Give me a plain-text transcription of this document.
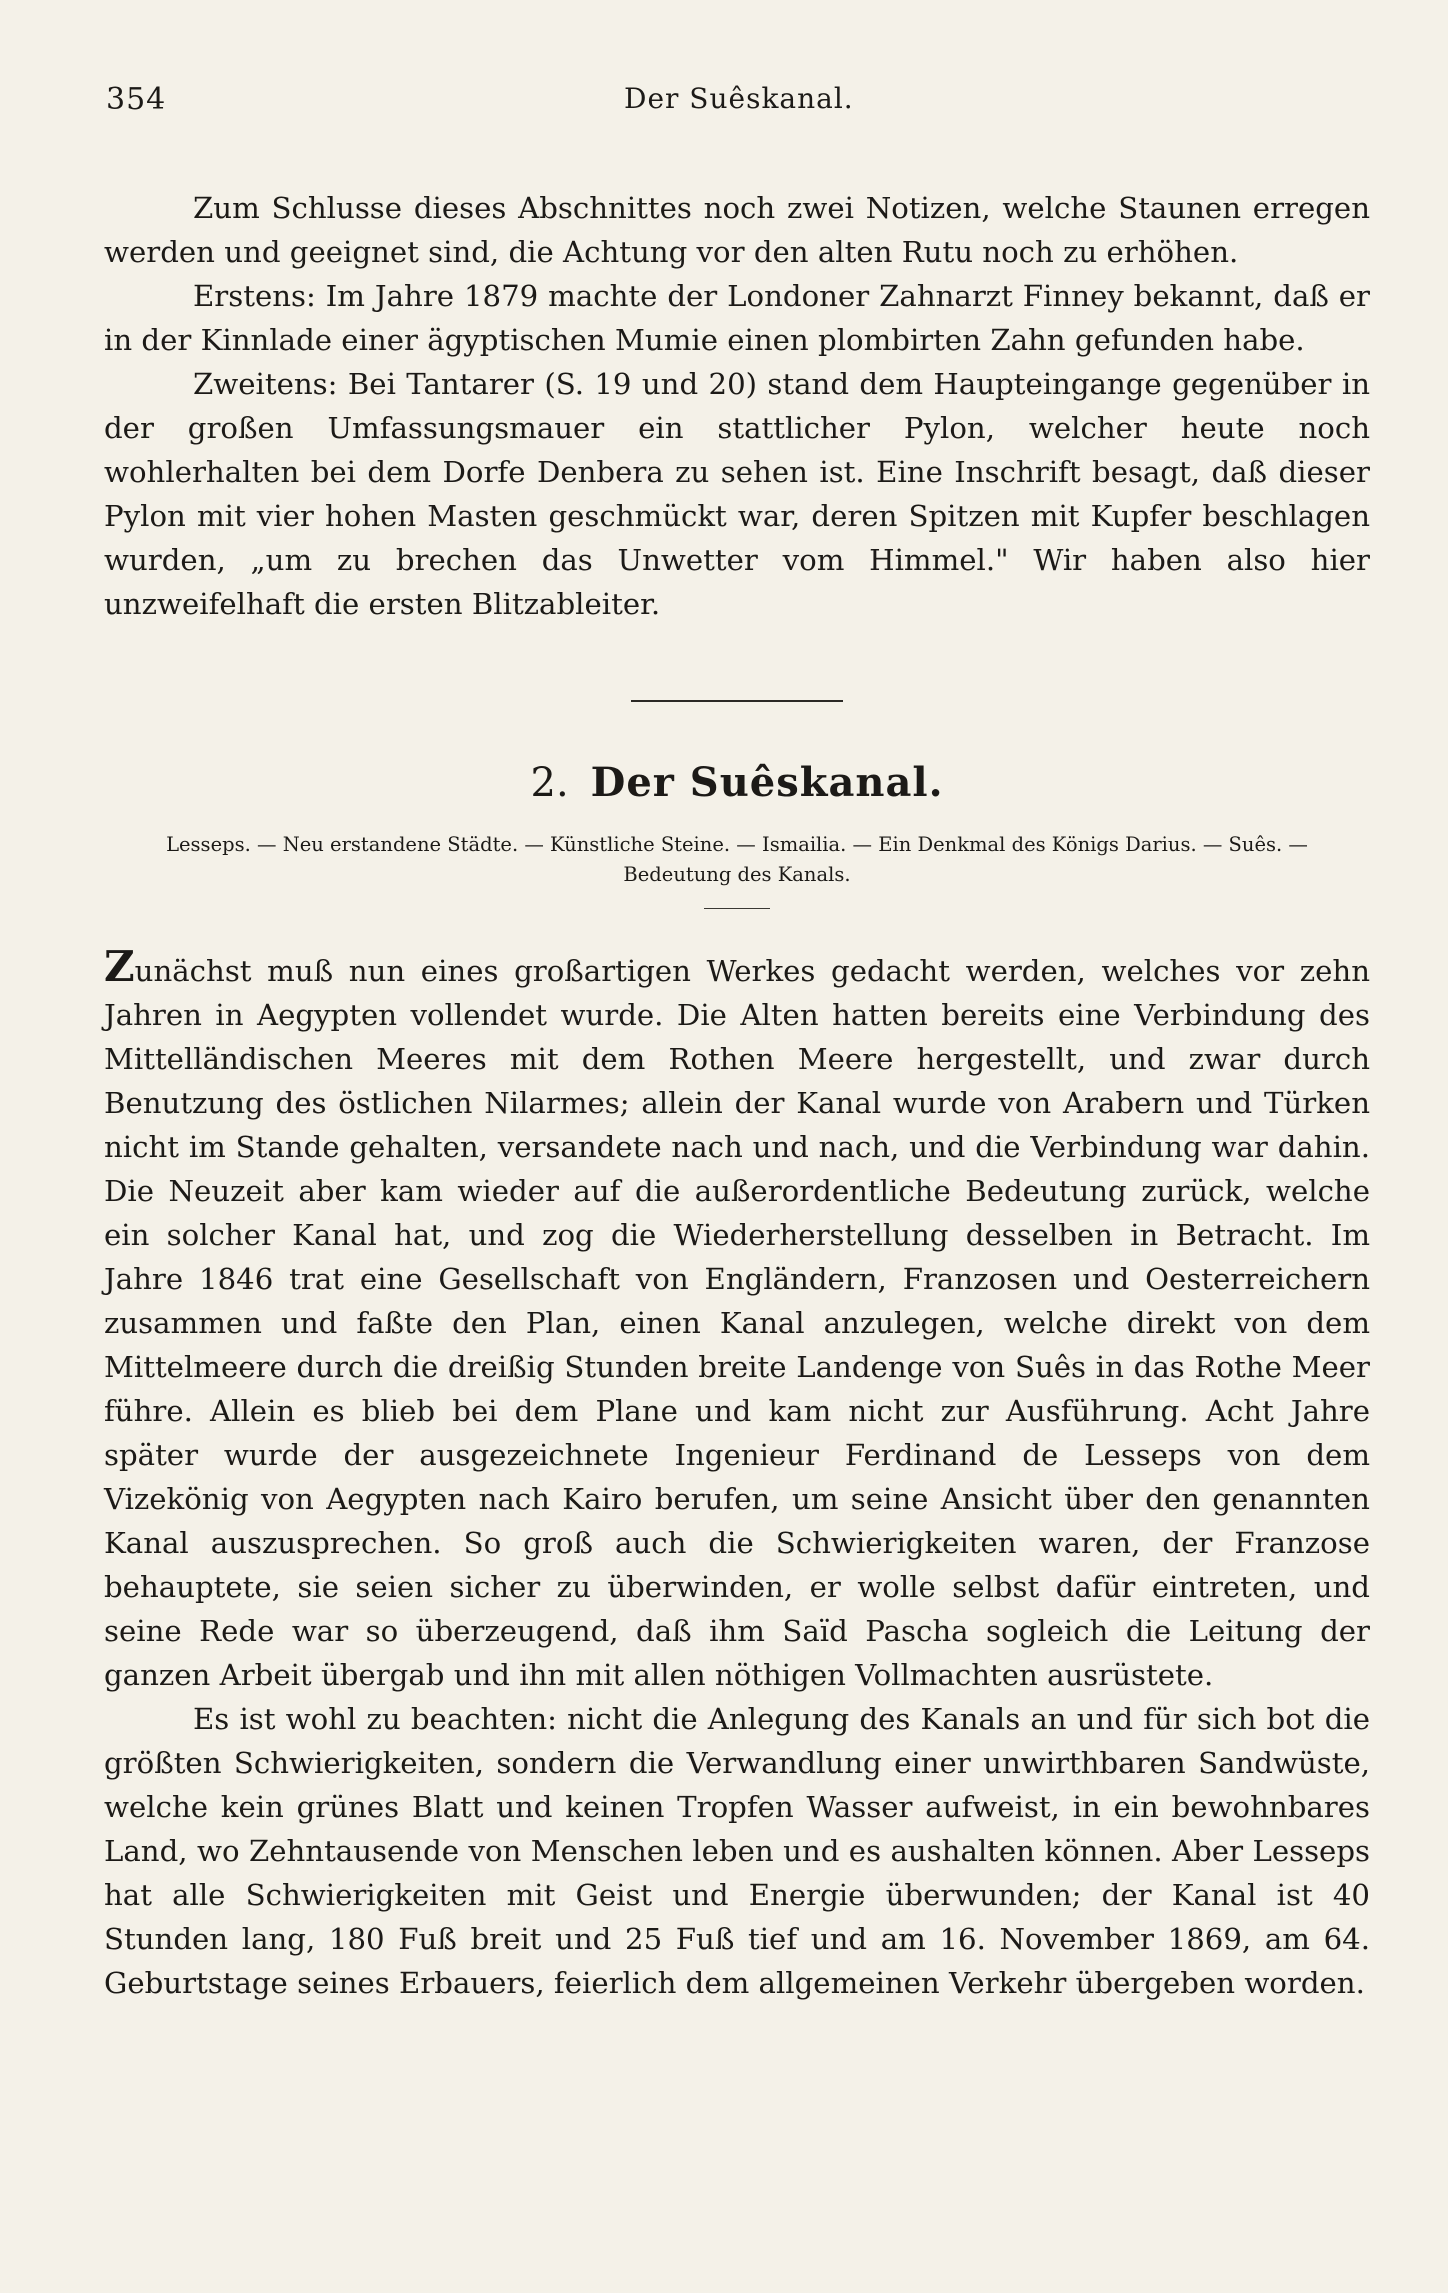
354	Der Suêskanal.

Zum Schlusse dieses Abschnittes noch zwei Notizen, welche Staunen erregen werden und geeignet sind, die Achtung vor den alten Rutu noch zu erhöhen.

Erstens: Im Jahre 1879 machte der Londoner Zahnarzt Finney bekannt, daß er in der Kinnlade einer ägyptischen Mumie einen plombirten Zahn gefunden habe.

Zweitens: Bei Tantarer (S. 19 und 20) stand dem Haupteingange gegenüber in der großen Umfassungsmauer ein stattlicher Pylon, welcher heute noch wohlerhalten bei dem Dorfe Denbera zu sehen ist. Eine Inschrift besagt, daß dieser Pylon mit vier hohen Masten geschmückt war, deren Spitzen mit Kupfer beschlagen wurden, „um zu brechen das Unwetter vom Himmel." Wir haben also hier unzweifelhaft die ersten Blitzableiter.

2. Der Suêskanal.
Lesseps. — Neu erstandene Städte. — Künstliche Steine. — Ismailia. — Ein Denkmal des Königs Darius. — Suês. — Bedeutung des Kanals.

Zunächst muß nun eines großartigen Werkes gedacht werden, welches vor zehn Jahren in Aegypten vollendet wurde. Die Alten hatten bereits eine Verbindung des Mittelländischen Meeres mit dem Rothen Meere hergestellt, und zwar durch Benutzung des östlichen Nilarmes; allein der Kanal wurde von Arabern und Türken nicht im Stande gehalten, versandete nach und nach, und die Verbindung war dahin. Die Neuzeit aber kam wieder auf die außerordentliche Bedeutung zurück, welche ein solcher Kanal hat, und zog die Wiederherstellung desselben in Betracht. Im Jahre 1846 trat eine Gesellschaft von Engländern, Franzosen und Oesterreichern zusammen und faßte den Plan, einen Kanal anzulegen, welche direkt von dem Mittelmeere durch die dreißig Stunden breite Landenge von Suês in das Rothe Meer führe. Allein es blieb bei dem Plane und kam nicht zur Ausführung. Acht Jahre später wurde der ausgezeichnete Ingenieur Ferdinand de Lesseps von dem Vizekönig von Aegypten nach Kairo berufen, um seine Ansicht über den genannten Kanal auszusprechen. So groß auch die Schwierigkeiten waren, der Franzose behauptete, sie seien sicher zu überwinden, er wolle selbst dafür eintreten, und seine Rede war so überzeugend, daß ihm Saïd Pascha sogleich die Leitung der ganzen Arbeit übergab und ihn mit allen nöthigen Vollmachten ausrüstete.

Es ist wohl zu beachten: nicht die Anlegung des Kanals an und für sich bot die größten Schwierigkeiten, sondern die Verwandlung einer unwirthbaren Sandwüste, welche kein grünes Blatt und keinen Tropfen Wasser aufweist, in ein bewohnbares Land, wo Zehntausende von Menschen leben und es aushalten können. Aber Lesseps hat alle Schwierigkeiten mit Geist und Energie überwunden; der Kanal ist 40 Stunden lang, 180 Fuß breit und 25 Fuß tief und am 16. November 1869, am 64. Geburtstage seines Erbauers, feierlich dem allgemeinen Verkehr übergeben worden.
